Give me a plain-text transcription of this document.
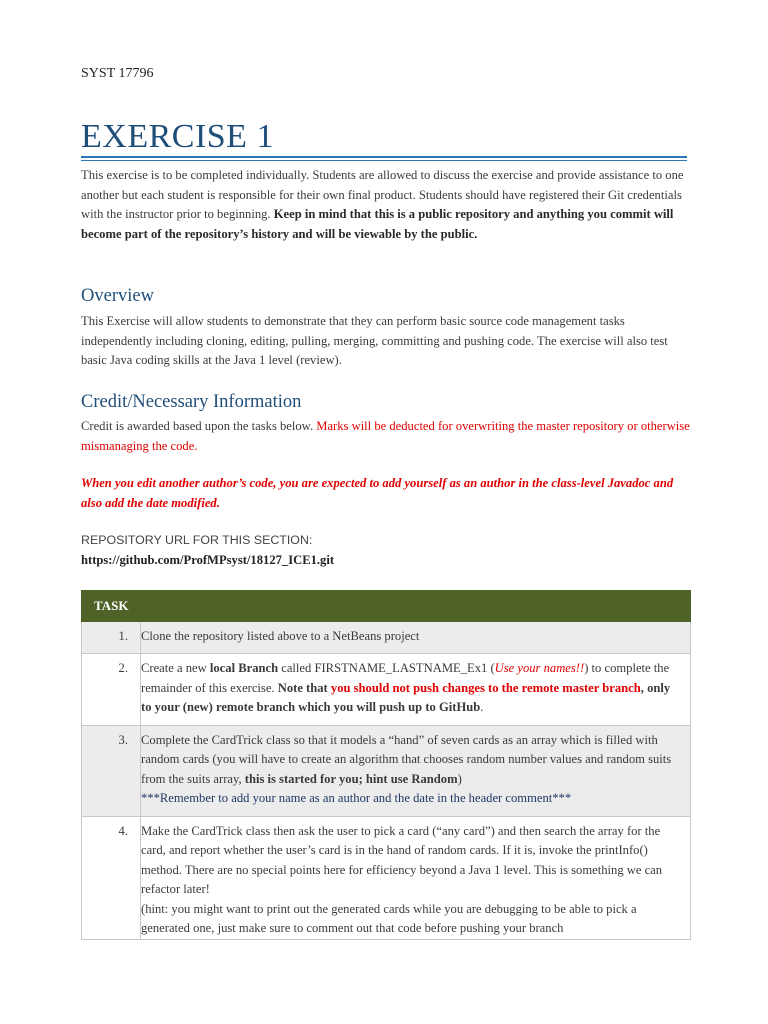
SYST 17796
EXERCISE 1
This exercise is to be completed individually. Students are allowed to discuss the exercise and provide assistance to one another but each student is responsible for their own final product. Students should have registered their Git credentials with the instructor prior to beginning. Keep in mind that this is a public repository and anything you commit will become part of the repository’s history and will be viewable by the public.
Overview
This Exercise will allow students to demonstrate that they can perform basic source code management tasks independently including cloning, editing, pulling, merging, committing and pushing code. The exercise will also test basic Java coding skills at the Java 1 level (review).
Credit/Necessary Information
Credit is awarded based upon the tasks below. Marks will be deducted for overwriting the master repository or otherwise mismanaging the code.
When you edit another author’s code, you are expected to add yourself as an author in the class-level Javadoc and also add the date modified.
REPOSITORY URL FOR THIS SECTION:
https://github.com/ProfMPsyst/18127_ICE1.git
TASK	
1.	Clone the repository listed above to a NetBeans project
2.	Create a new local Branch called FIRSTNAME_LASTNAME_Ex1 (Use your names!!) to complete the remainder of this exercise. Note that you should not push changes to the remote master branch, only to your (new) remote branch which you will push up to GitHub.
3.	Complete the CardTrick class so that it models a “hand” of seven cards as an array which is filled with random cards (you will have to create an algorithm that chooses random number values and random suits from the suits array, this is started for you; hint use Random)
***Remember to add your name as an author and the date in the header comment***
4.	Make the CardTrick class then ask the user to pick a card (“any card”) and then search the array for the card, and report whether the user’s card is in the hand of random cards. If it is, invoke the printInfo() method. There are no special points here for efficiency beyond a Java 1 level. This is something we can refactor later!
(hint: you might want to print out the generated cards while you are debugging to be able to pick a generated one, just make sure to comment out that code before pushing your branch
